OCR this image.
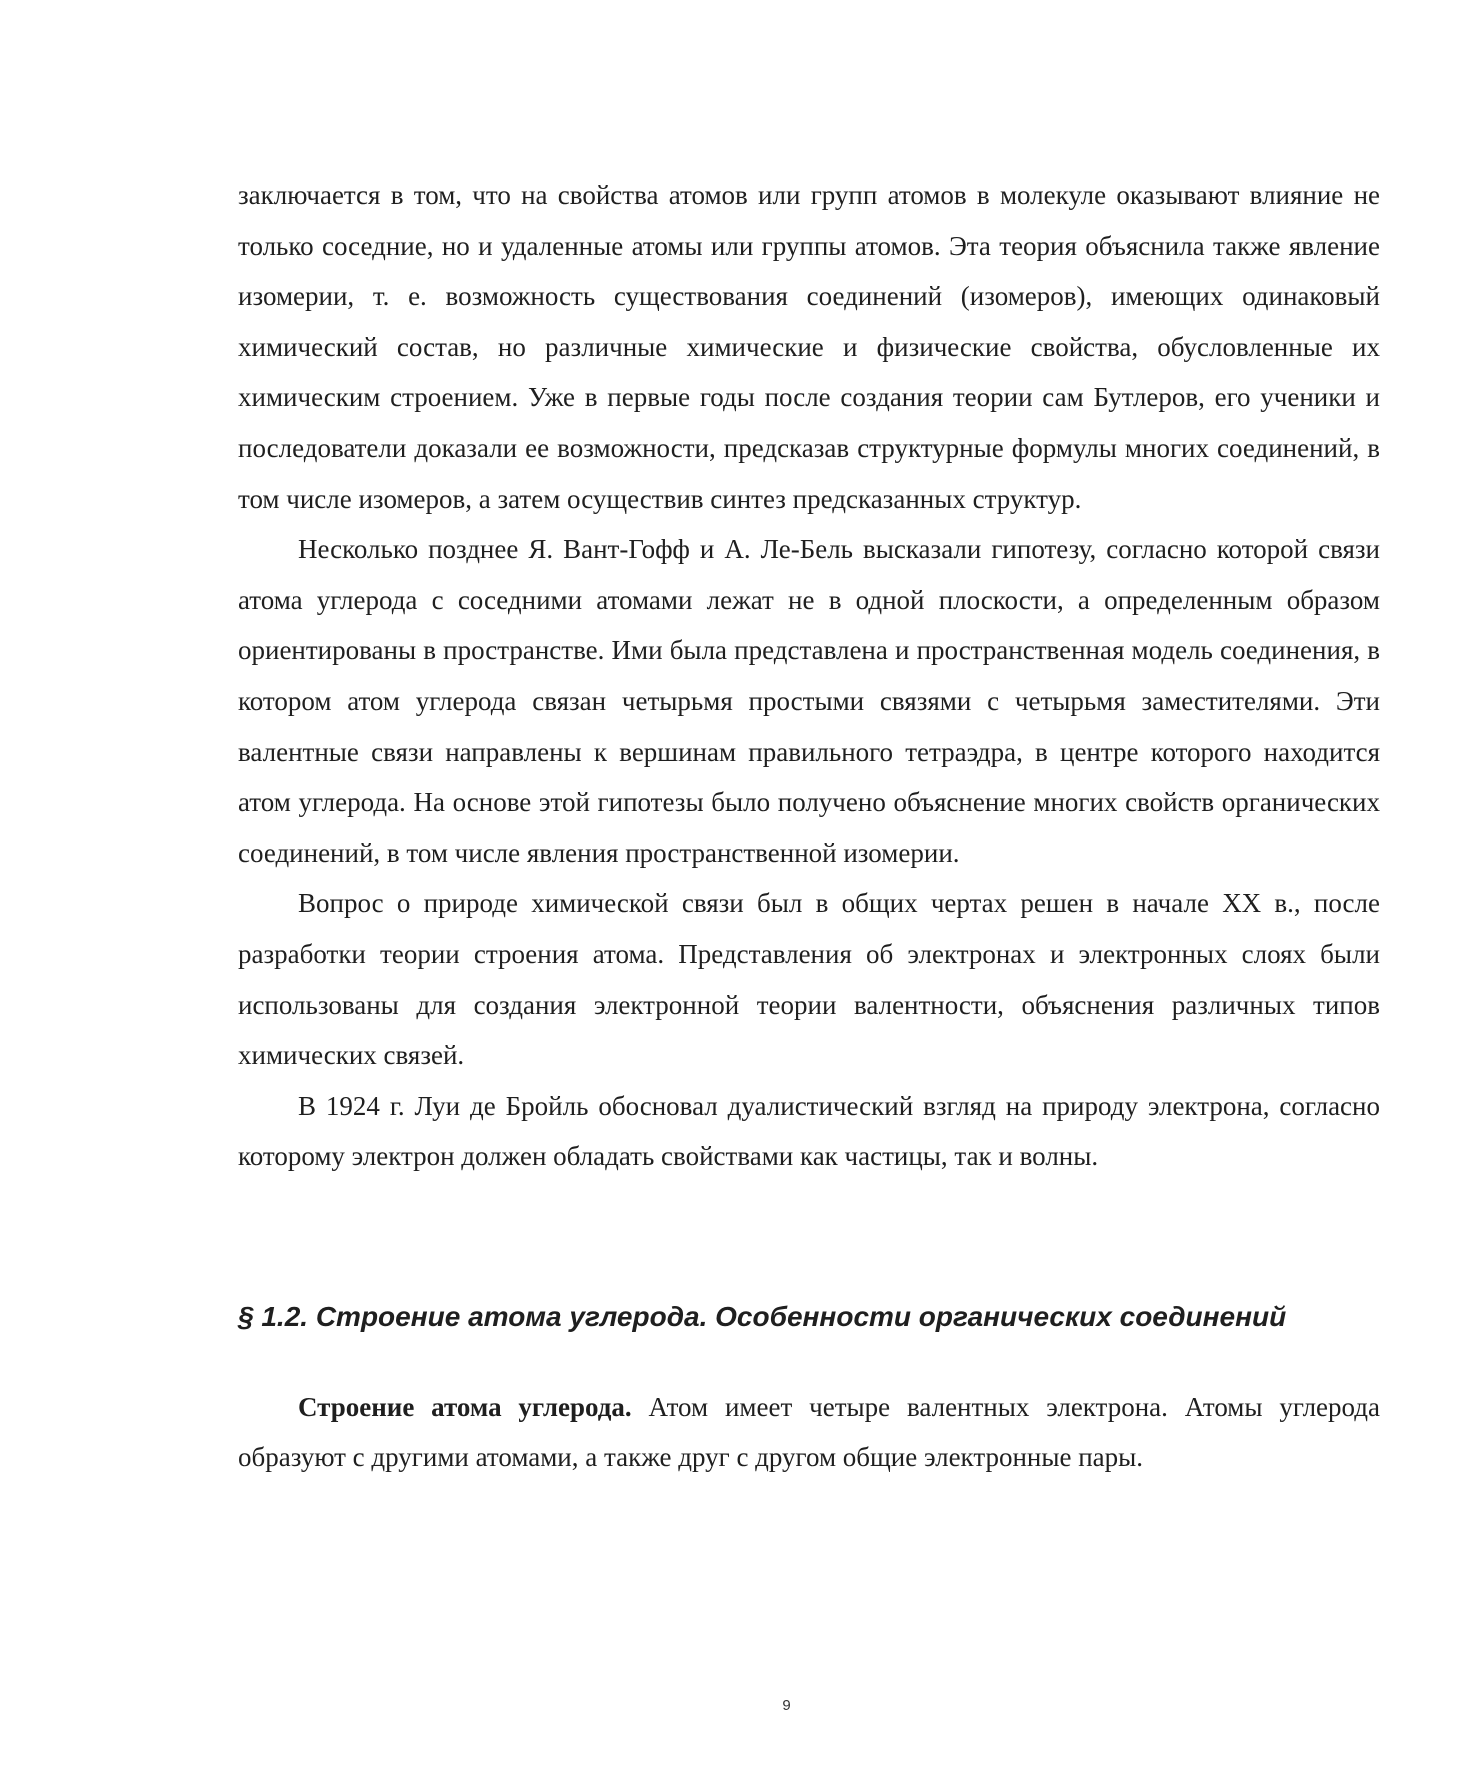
заключается в том, что на свойства атомов или групп атомов в молекуле оказывают влияние не только соседние, но и удаленные атомы или группы атомов. Эта теория объяснила также явление изомерии, т. е. возможность существования соединений (изомеров), имеющих одинаковый химический состав, но различные химические и физические свойства, обусловленные их химическим строением. Уже в первые годы после создания теории сам Бутлеров, его ученики и последователи доказали ее возможности, предсказав структурные формулы многих соединений, в том числе изомеров, а затем осуществив синтез предсказанных структур.

Несколько позднее Я. Вант-Гофф и А. Ле-Бель высказали гипотезу, согласно которой связи атома углерода с соседними атомами лежат не в одной плоскости, а определенным образом ориентированы в пространстве. Ими была представлена и пространственная модель соединения, в котором атом углерода связан четырьмя простыми связями с четырьмя заместителями. Эти валентные связи направлены к вершинам правильного тетраэдра, в центре которого находится атом углерода. На основе этой гипотезы было получено объяснение многих свойств органических соединений, в том числе явления пространственной изомерии.

Вопрос о природе химической связи был в общих чертах решен в начале XX в., после разработки теории строения атома. Представления об электронах и электронных слоях были использованы для создания электронной теории валентности, объяснения различных типов химических связей.

В 1924 г. Луи де Бройль обосновал дуалистический взгляд на природу электрона, согласно которому электрон должен обладать свойствами как частицы, так и волны.

§ 1.2. Строение атома углерода. Особенности органических соединений

Строение атома углерода. Атом имеет четыре валентных электрона. Атомы углерода образуют с другими атомами, а также друг с другом общие электронные пары.

9
